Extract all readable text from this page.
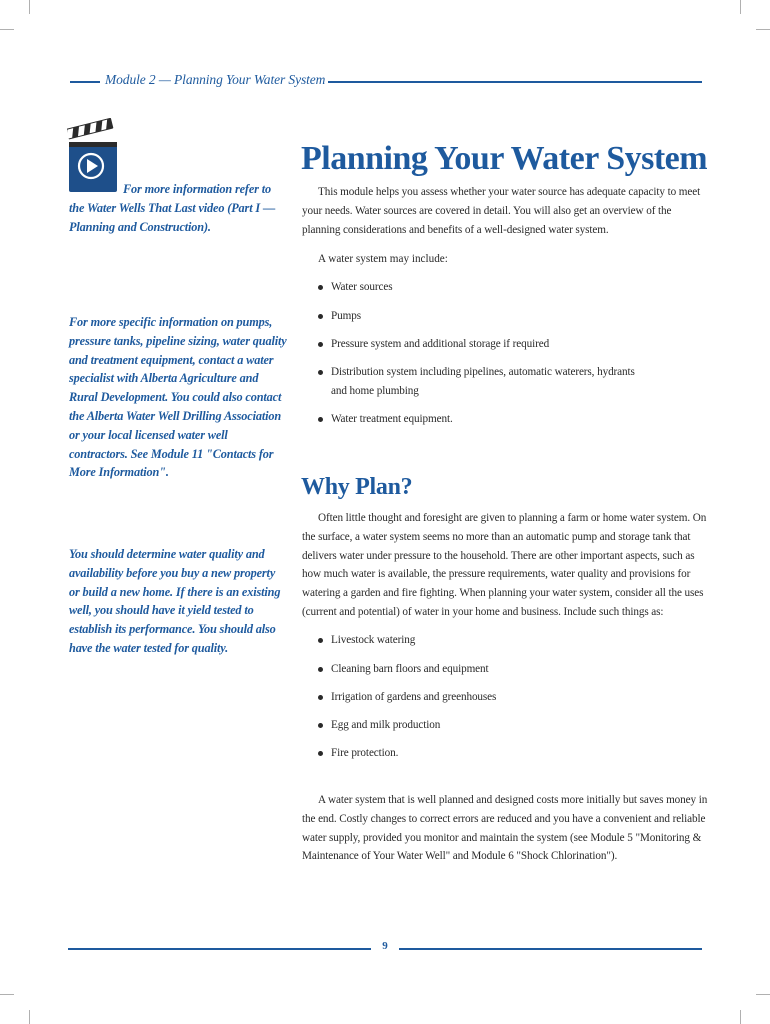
Module 2 — Planning Your Water System
For more information refer to the Water Wells That Last video (Part I — Planning and Construction).
For more specific information on pumps, pressure tanks, pipeline sizing, water quality and treatment equipment, contact a water specialist with Alberta Agriculture and Rural Development. You could also contact the Alberta Water Well Drilling Association or your local licensed water well contractors. See Module 11 "Contacts for More Information".
You should determine water quality and availability before you buy a new property or build a new home. If there is an existing well, you should have it yield tested to establish its performance. You should also have the water tested for quality.
Planning Your Water System

This module helps you assess whether your water source has adequate capacity to meet your needs. Water sources are covered in detail. You will also get an overview of the planning considerations and benefits of a well-designed water system.

A water system may include:

Water sources
Pumps
Pressure system and additional storage if required
Distribution system including pipelines, automatic waterers, hydrants and home plumbing
Water treatment equipment.
Why Plan?

Often little thought and foresight are given to planning a farm or home water system. On the surface, a water system seems no more than an automatic pump and storage tank that delivers water under pressure to the household. There are other important aspects, such as how much water is available, the pressure requirements, water quality and provisions for watering a garden and fire fighting. When planning your water system, consider all the uses (current and potential) of water in your home and business. Include such things as:

Livestock watering
Cleaning barn floors and equipment
Irrigation of gardens and greenhouses
Egg and milk production
Fire protection.

A water system that is well planned and designed costs more initially but saves money in the end. Costly changes to correct errors are reduced and you have a convenient and reliable water supply, provided you monitor and maintain the system (see Module 5 "Monitoring & Maintenance of Your Water Well" and Module 6 "Shock Chlorination").

9
